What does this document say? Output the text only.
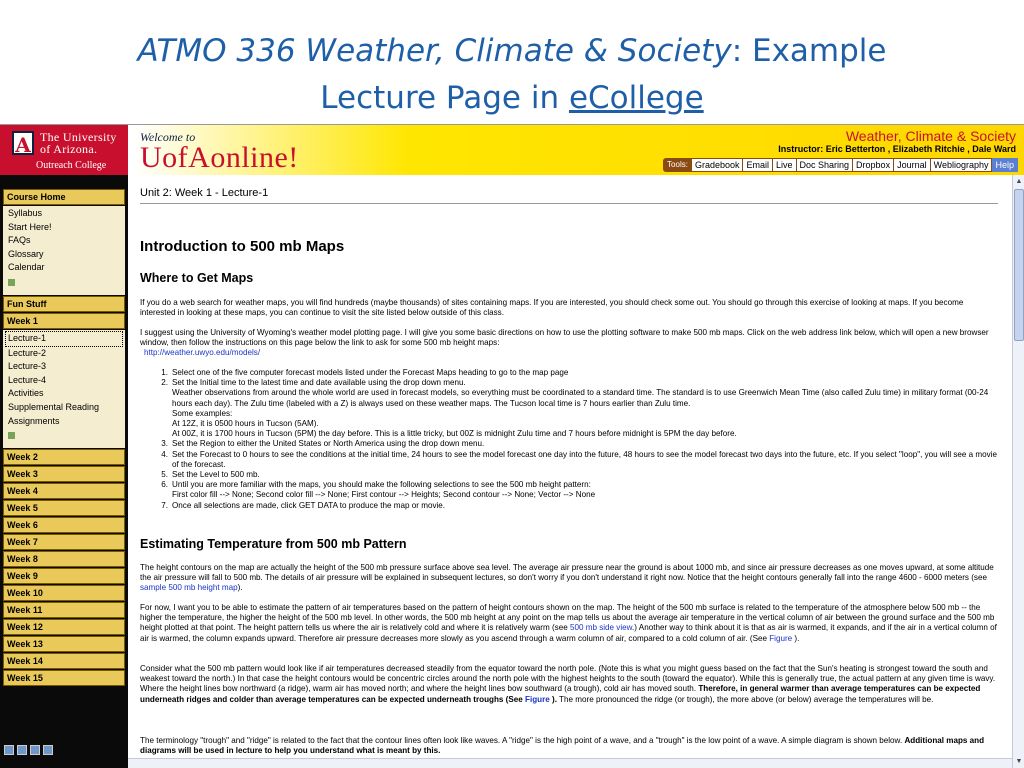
ATMO 336 Weather, Climate & Society: Example
Lecture Page in eCollege
A The University
of Arizona.
Outreach College
Welcome to
UofAonline!
Weather, Climate & Society
Instructor: Eric Betterton , Elizabeth Ritchie , Dale Ward
Tools: Gradebook Email Live Doc Sharing Dropbox Journal Webliography Help
Course Home
Syllabus
Start Here!
FAQs
Glossary
Calendar
Fun Stuff
Week 1
Lecture-1
Lecture-2
Lecture-3
Lecture-4
Activities
Supplemental Reading
Assignments
Week 2
Week 3
Week 4
Week 5
Week 6
Week 7
Week 8
Week 9
Week 10
Week 11
Week 12
Week 13
Week 14
Week 15
Unit 2: Week 1 - Lecture-1
Introduction to 500 mb Maps
Where to Get Maps
If you do a web search for weather maps, you will find hundreds (maybe thousands) of sites containing maps. If you are interested, you should check some out. You should go through this exercise of looking at maps. If you become interested in looking at these maps, you can continue to visit the site listed below outside of this class.
I suggest using the University of Wyoming's weather model plotting page. I will give you some basic directions on how to use the plotting software to make 500 mb maps. Click on the web address link below, which will open a new browser window, then follow the instructions on this page below the link to ask for some 500 mb height maps:
http://weather.uwyo.edu/models/
1. Select one of the five computer forecast models listed under the Forecast Maps heading to go to the map page
2. Set the Initial time to the latest time and date available using the drop down menu.
Weather observations from around the whole world are used in forecast models, so everything must be coordinated to a standard time. The standard is to use Greenwich Mean Time (also called Zulu time) in military format (00-24 hours each day). The Zulu time (labeled with a Z) is always used on these weather maps. The Tucson local time is 7 hours earlier than Zulu time.
Some examples:
At 12Z, it is 0500 hours in Tucson (5AM).
At 00Z, it is 1700 hours in Tucson (5PM) the day before. This is a little tricky, but 00Z is midnight Zulu time and 7 hours before midnight is 5PM the day before.
3. Set the Region to either the United States or North America using the drop down menu.
4. Set the Forecast to 0 hours to see the conditions at the initial time, 24 hours to see the model forecast one day into the future, 48 hours to see the model forecast two days into the future, etc. If you select "loop", you will see a movie of the forecast.
5. Set the Level to 500 mb.
6. Until you are more familiar with the maps, you should make the following selections to see the 500 mb height pattern:
First color fill --> None; Second color fill --> None; First contour --> Heights; Second contour --> None; Vector --> None
7. Once all selections are made, click GET DATA to produce the map or movie.
Estimating Temperature from 500 mb Pattern
The height contours on the map are actually the height of the 500 mb pressure surface above sea level. The average air pressure near the ground is about 1000 mb, and since air pressure decreases as one moves upward, at some altitude the air pressure will fall to 500 mb. The details of air pressure will be explained in subsequent lectures, so don't worry if you don't understand it right now. Notice that the height contours generally fall into the range 4600 - 6000 meters (see sample 500 mb height map).
For now, I want you to be able to estimate the pattern of air temperatures based on the pattern of height contours shown on the map. The height of the 500 mb surface is related to the temperature of the atmosphere below 500 mb -- the higher the temperature, the higher the height of the 500 mb level. In other words, the 500 mb height at any point on the map tells us about the average air temperature in the vertical column of air between the ground surface and the 500 mb height plotted at that point. The height pattern tells us where the air is relatively cold and where it is relatively warm (see 500 mb side view.) Another way to think about it is that as air is warmed, it expands, and if the air in a vertical column of air is warmed, the column expands upward. Therefore air pressure decreases more slowly as you ascend through a warm column of air, compared to a cold column of air. (See Figure ).
Consider what the 500 mb pattern would look like if air temperatures decreased steadily from the equator toward the north pole. (Note this is what you might guess based on the fact that the Sun's heating is strongest toward the south and weakest toward the north.) In that case the height contours would be concentric circles around the north pole with the highest heights to the south (toward the equator). While this is generally true, the actual pattern at any given time is wavy. Where the height lines bow northward (a ridge), warm air has moved north; and where the height lines bow southward (a trough), cold air has moved south. Therefore, in general warmer than average temperatures can be expected underneath ridges and colder than average temperatures can be expected underneath troughs (See Figure ). The more pronounced the ridge (or trough), the more above (or below) average the temperatures will be.
The terminology "trough" and "ridge" is related to the fact that the contour lines often look like waves. A "ridge" is the high point of a wave, and a "trough" is the low point of a wave. A simple diagram is shown below. Additional maps and diagrams will be used in lecture to help you understand what is meant by this.
▲
▼
